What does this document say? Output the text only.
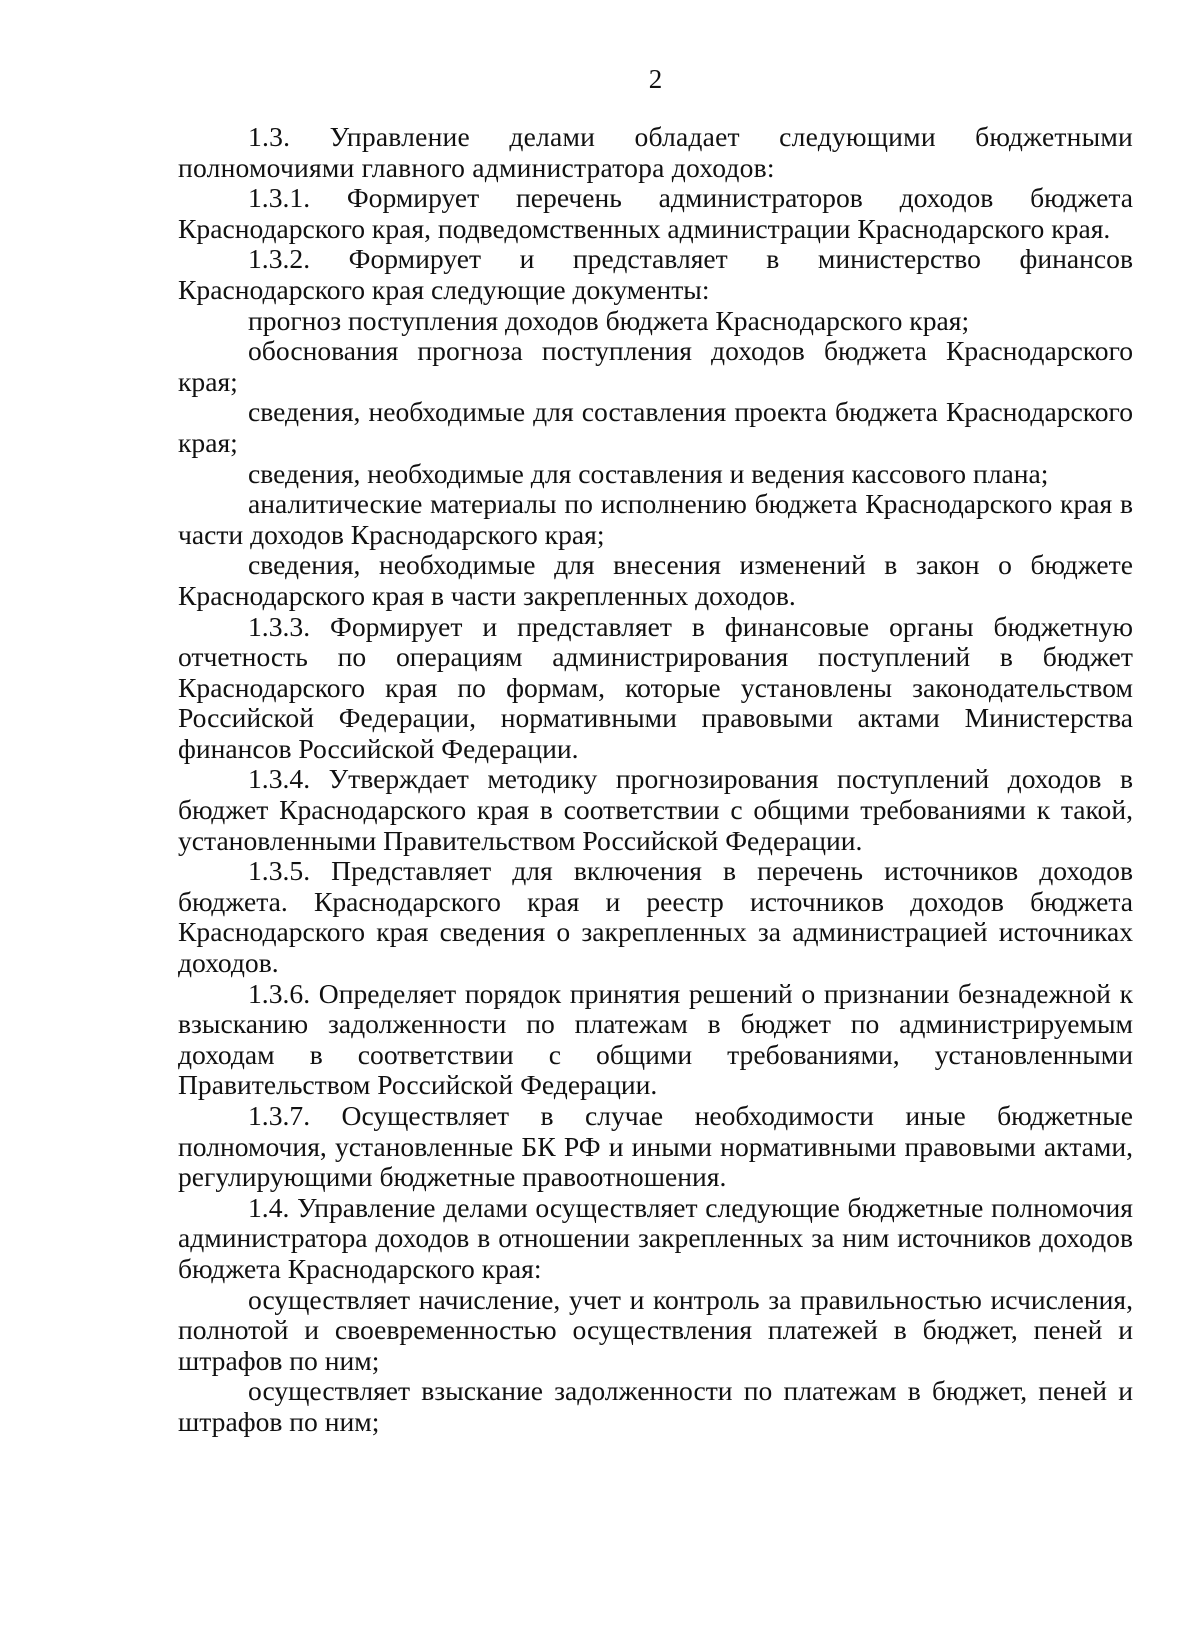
2

1.3. Управление делами обладает следующими бюджетными полномочиями главного администратора доходов:

1.3.1. Формирует перечень администраторов доходов бюджета Краснодарского края, подведомственных администрации Краснодарского края.

1.3.2. Формирует и представляет в министерство финансов Краснодарского края следующие документы:

прогноз поступления доходов бюджета Краснодарского края;

обоснования прогноза поступления доходов бюджета Краснодарского края;

сведения, необходимые для составления проекта бюджета Краснодарского края;

сведения, необходимые для составления и ведения кассового плана;

аналитические материалы по исполнению бюджета Краснодарского края в части доходов Краснодарского края;

сведения, необходимые для внесения изменений в закон о бюджете Краснодарского края в части закрепленных доходов.

1.3.3. Формирует и представляет в финансовые органы бюджетную отчетность по операциям администрирования поступлений в бюджет Краснодарского края по формам, которые установлены законодательством Российской Федерации, нормативными правовыми актами Министерства финансов Российской Федерации.

1.3.4. Утверждает методику прогнозирования поступлений доходов в бюджет Краснодарского края в соответствии с общими требованиями к такой, установленными Правительством Российской Федерации.

1.3.5. Представляет для включения в перечень источников доходов бюджета. Краснодарского края и реестр источников доходов бюджета Краснодарского края сведения о закрепленных за администрацией источниках доходов.

1.3.6. Определяет порядок принятия решений о признании безнадежной к взысканию задолженности по платежам в бюджет по администрируемым доходам в соответствии с общими требованиями, установленными Правительством Российской Федерации.

1.3.7. Осуществляет в случае необходимости иные бюджетные полномочия, установленные БК РФ и иными нормативными правовыми актами, регулирующими бюджетные правоотношения.

1.4. Управление делами осуществляет следующие бюджетные полномочия администратора доходов в отношении закрепленных за ним источников доходов бюджета Краснодарского края:

осуществляет начисление, учет и контроль за правильностью исчисления, полнотой и своевременностью осуществления платежей в бюджет, пеней и штрафов по ним;

осуществляет взыскание задолженности по платежам в бюджет, пеней и штрафов по ним;
